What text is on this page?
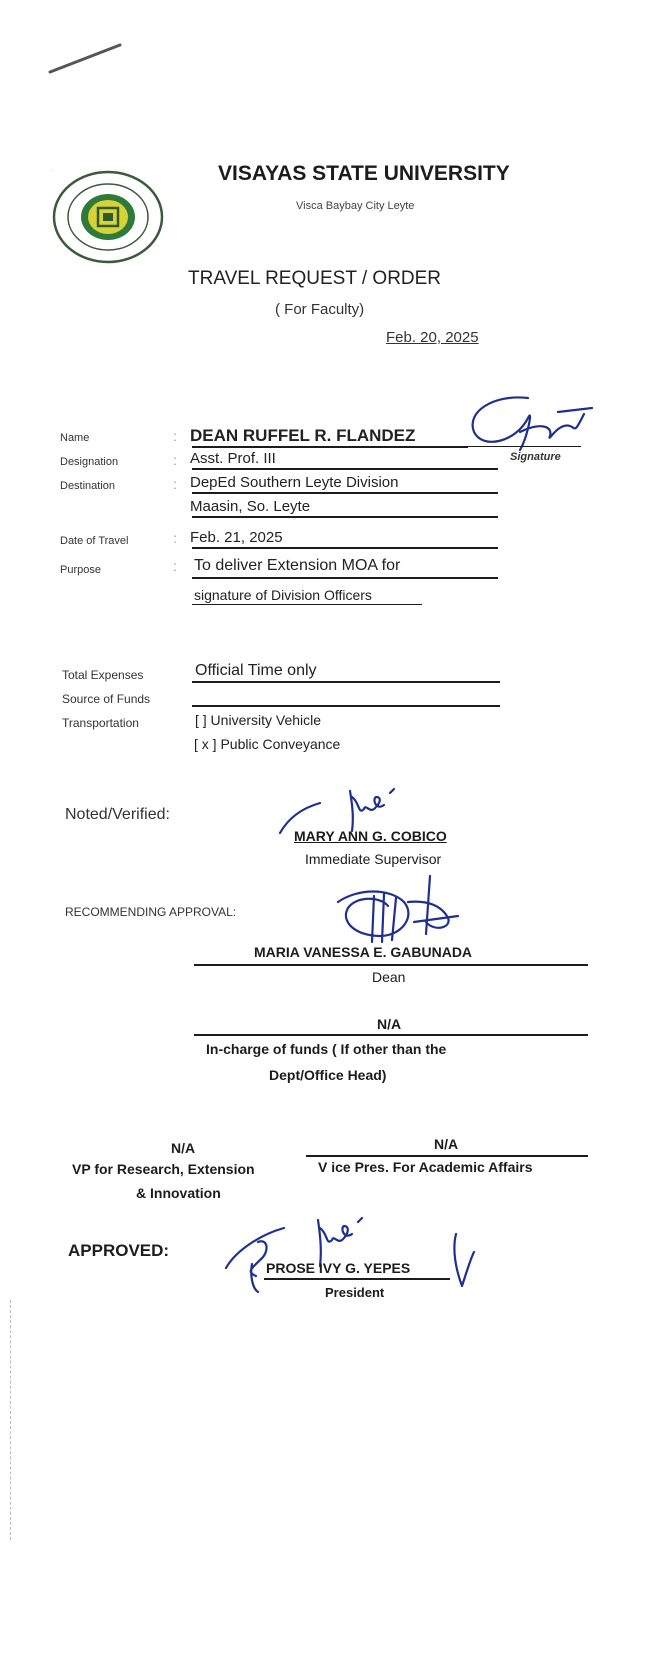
VISAYAS STATE UNIVERSITY
Visca Baybay City Leyte
TRAVEL REQUEST / ORDER
( For Faculty)
Feb. 20, 2025
Name	: DEAN RUFFEL R. FLANDEZ
Signature
Designation	: Asst. Prof. III
Destination	: DepEd Southern Leyte Division
Maasin, So. Leyte
Date of Travel	: Feb. 21, 2025
Purpose	: To deliver Extension MOA for
signature of Division Officers
Total Expenses	Official Time only
Source of Funds
Transportation	[ ] University Vehicle
[ x ] Public Conveyance
Noted/Verified:
MARY ANN G. COBICO
Immediate Supervisor
RECOMMENDING APPROVAL:
MARIA VANESSA E. GABUNADA
Dean
N/A
In-charge of funds ( If other than the
Dept/Office Head)
N/A
VP for Research, Extension
& Innovation
N/A
V ice Pres. For Academic Affairs
APPROVED:
PROSE IVY G. YEPES
President
